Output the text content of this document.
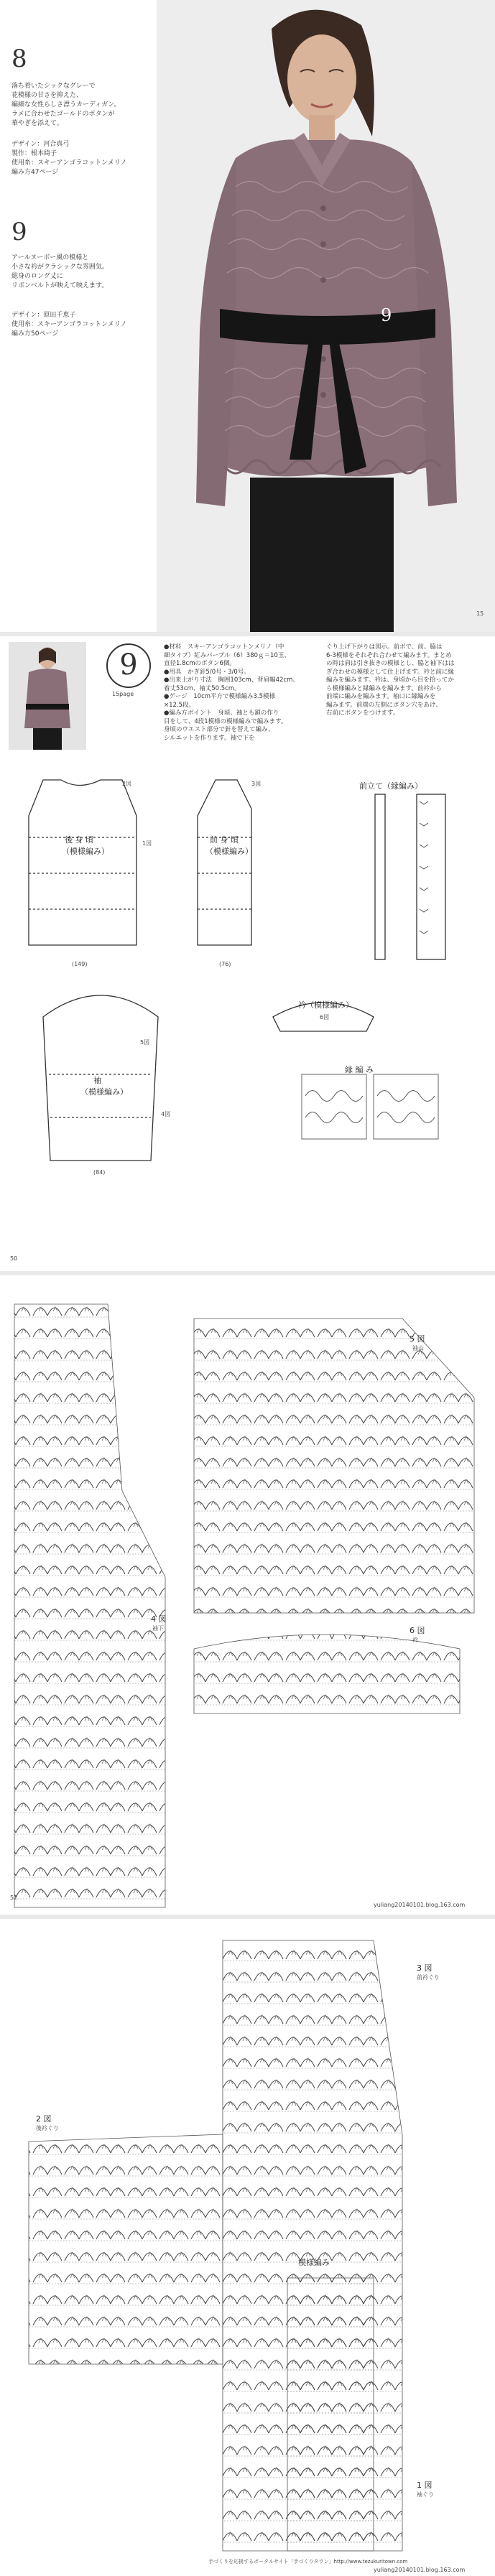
8
落ち着いたシックなグレーで
花模様の甘さを抑えた、
編細な女性らしさ漂うカーディガン。
ラメに合わせたゴールドのボタンが
華やぎを添えて。
デザイン：河合真弓
製作：根本綺子
使用糸：スキーアンゴラコットンメリノ
編み方47ページ
9
アールヌーボー風の模様と
小さな衿がクラシックな雰囲気。
総身のロング丈に
リボンベルトが映えて映えます。
デザイン：原田千恵子
使用糸：スキーアンゴラコットンメリノ
編み方50ページ
9
15
9
15page
●材料　スキーアンゴラコットンメリノ（中
細タイプ）紅みパープル（6）380ｇ＝10玉、
直径1.8cmのボタン6個。
●用具　かぎ針5/0号・3/0号。
●出来上がり寸法　胸囲103cm、背肩幅42cm、
着丈53cm、袖丈50.5cm。
●ゲージ　10cm平方で模様編み3.5模様
×12.5段。
●編み方ポイント　身頃、袖とも鎖の作り
目をして、4段1模様の模様編みで編みます。
身頃のウエスト部分で針を替えて編み、
シルエットを作ります。袖で下を
ぐり上げ下がりは図示。前ボで、前、脇は
6-3模様をそれぞれ合わせて編みます。まとめ
の時は肩は引き抜きの模様とし、脇と袖下はは
ぎ合わせの模様として仕上げます。衿と前に縁
編みを編みます。衿は、身頃から目を拾ってか
ら模様編みと縁編みを編みます。前衿から
前端に編みを編みます。袖口に縁編みを
編みます。前端の左側にボタン穴をあけ、
右前にボタンをつけます。
後 身 頃
（模様編み）
前 身 頃
（模様編み）
前立て（縁編み）
袖
（模様編み）
衿（模様編み）
縁 編 み
2図	3図
1図
4図
5図
6図
(149)	(76)
(84)
50
5 図
袖山
4 図
袖下	6 図
衿
52
yuliang20140101.blog.163.com
3 図
前衿ぐり
2 図
後衿ぐり
模様編み
1 図
袖ぐり
手づくりを応援するポータルサイト「手づくりタウン」http://www.tezukuritown.com
yuliang20140101.blog.163.com
